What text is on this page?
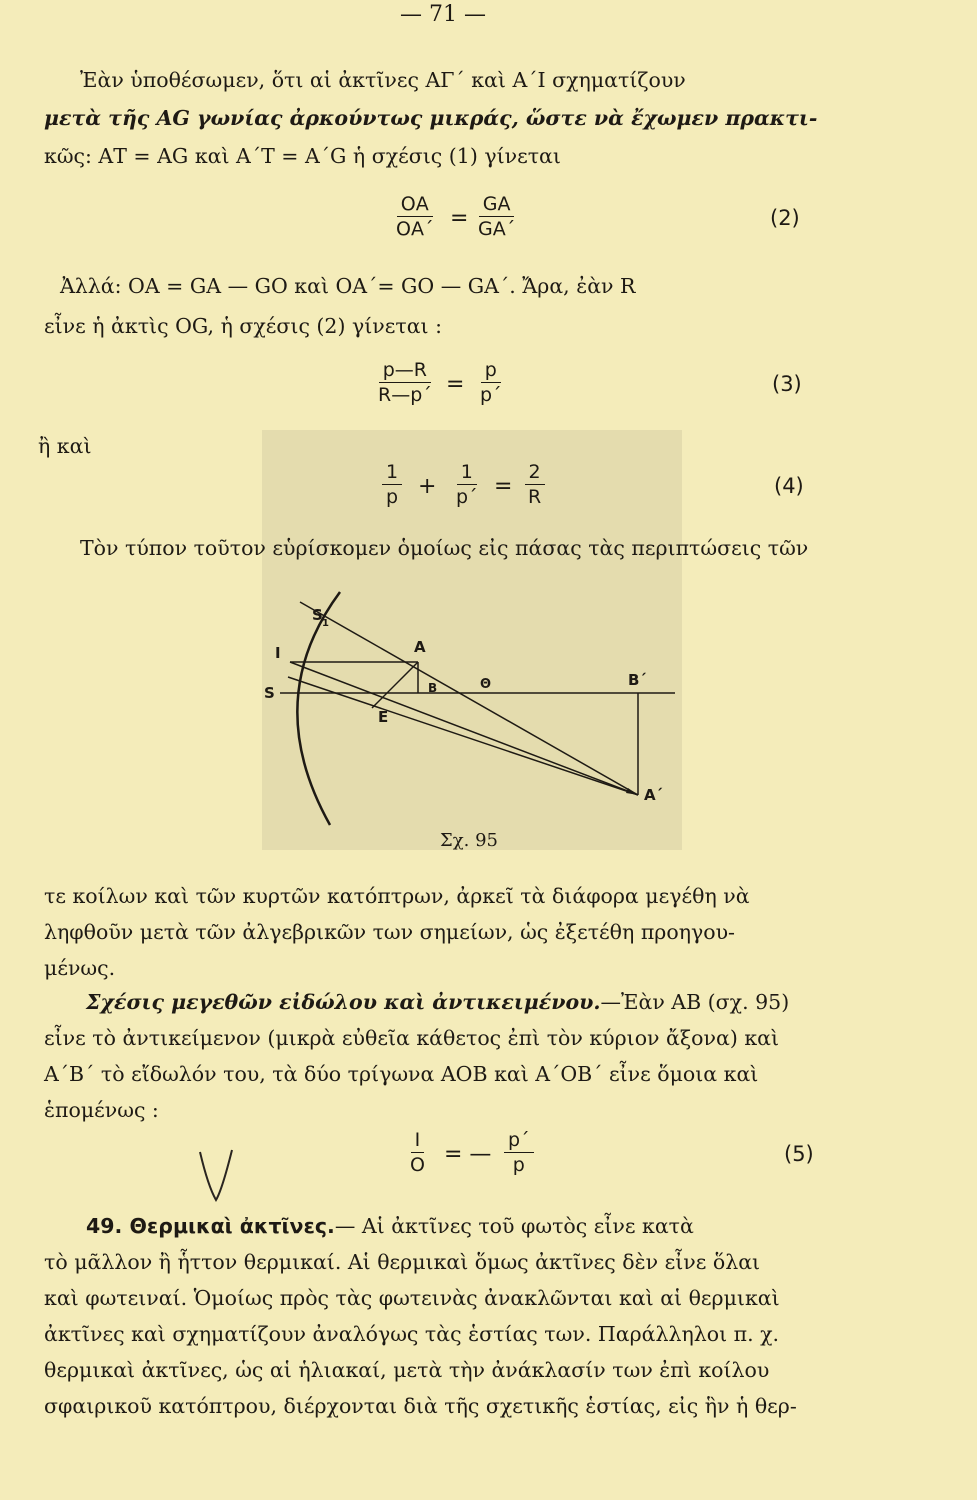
— 71 —
Ἐὰν ὑποθέσωμεν, ὅτι αἱ ἀκτῖνες ΑΓ΄ καὶ Α΄Ι σχηματίζουν
μετὰ τῆς ΑG γωνίας ἀρκούντως μικράς, ὥστε νὰ ἔχωμεν πρακτι-
κῶς: ΑΤ = ΑG καὶ Α΄Τ = Α΄G ἡ σχέσις (1) γίνεται
$\frac{OA}{OA΄} = \frac{GA}{GA΄}$	(2)
Ἀλλά: ΟΑ = GΑ — GΟ καὶ ΟΑ΄= GΟ — GΑ΄. Ἄρα, ἐὰν R
εἶνε ἡ ἀκτὶς ΟG, ἡ σχέσις (2) γίνεται :
$\frac{p—R}{R—p΄} = \frac{p}{p΄}$	(3)
ἢ καὶ
$\frac{1}{p} + \frac{1}{p΄} = \frac{2}{R}$	(4)
Τὸν τύπον τοῦτον εὑρίσκομεν ὁμοίως εἰς πάσας τὰς περιπτώσεις τῶν
S 1
I
S
A
B	Θ
E
B΄
A΄
Σχ. 95
τε κοίλων καὶ τῶν κυρτῶν κατόπτρων, ἀρκεῖ τὰ διάφορα μεγέθη νὰ
ληφθοῦν μετὰ τῶν ἀλγεβρικῶν των σημείων, ὡς ἐξετέθη προηγου-
μένως.
Σχέσις μεγεθῶν εἰδώλου καὶ ἀντικειμένου.—Ἐὰν ΑΒ (σχ. 95)
εἶνε τὸ ἀντικείμενον (μικρὰ εὐθεῖα κάθετος ἐπὶ τὸν κύριον ἄξονα) καὶ
Α΄Β΄ τὸ εἴδωλόν του, τὰ δύο τρίγωνα ΑΟΒ καὶ Α΄ΟΒ΄ εἶνε ὅμοια καὶ
ἑπομένως :
$\frac{I}{O}$ = — $\frac{p΄}{p}$	(5)
49. Θερμικαὶ ἀκτῖνες.— Αἱ ἀκτῖνες τοῦ φωτὸς εἶνε κατὰ
τὸ μᾶλλον ἢ ἧττον θερμικαί. Αἱ θερμικαὶ ὅμως ἀκτῖνες δὲν εἶνε ὅλαι
καὶ φωτειναί. Ὁμοίως πρὸς τὰς φωτεινὰς ἀνακλῶνται καὶ αἱ θερμικαὶ
ἀκτῖνες καὶ σχηματίζουν ἀναλόγως τὰς ἑστίας των. Παράλληλοι π. χ.
θερμικαὶ ἀκτῖνες, ὡς αἱ ἡλιακαί, μετὰ τὴν ἀνάκλασίν των ἐπὶ κοίλου
σφαιρικοῦ κατόπτρου, διέρχονται διὰ τῆς σχετικῆς ἑστίας, εἰς ἣν ἡ θερ-
